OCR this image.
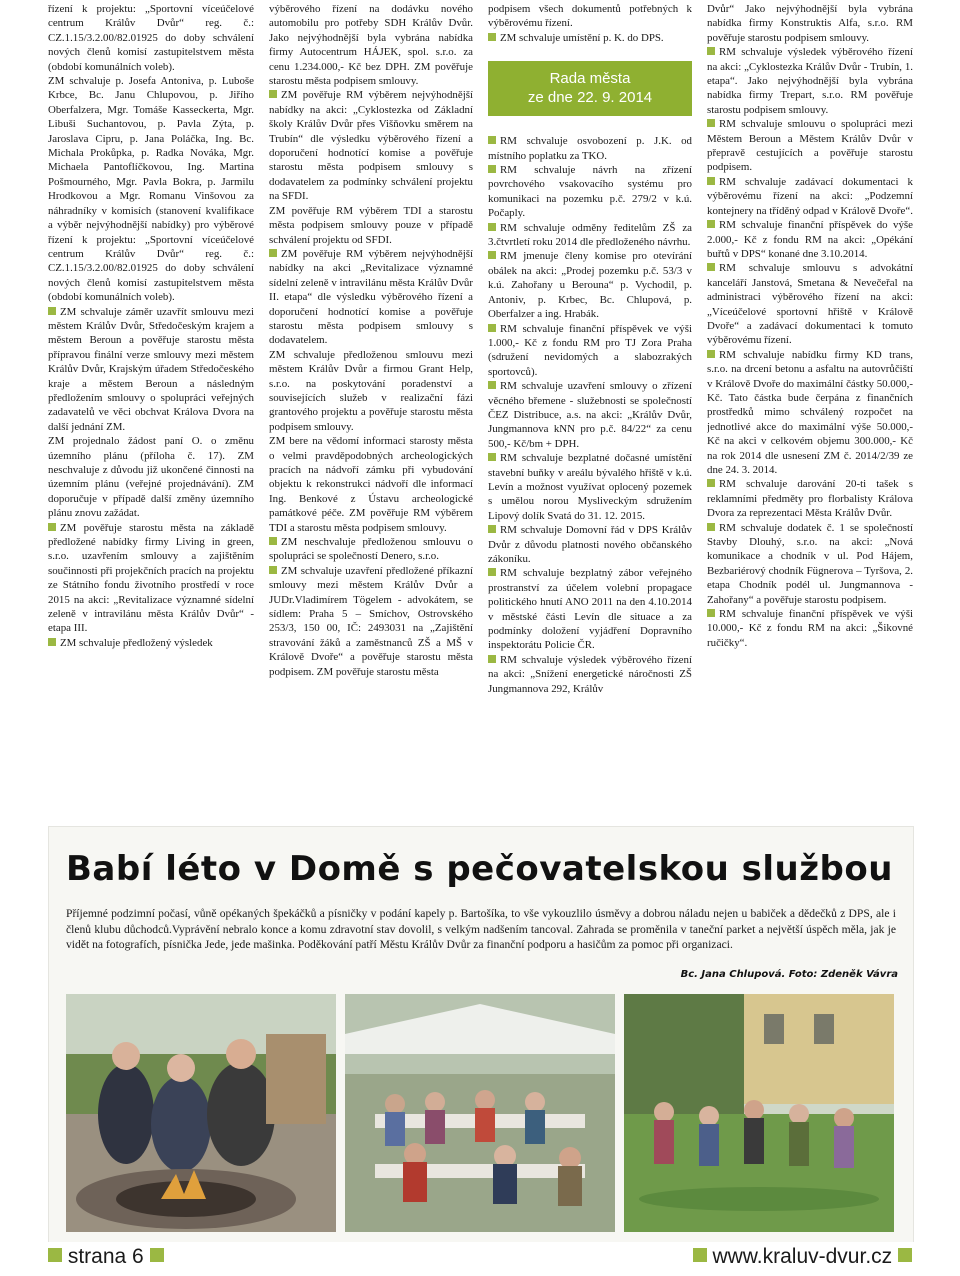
řízení k projektu: „Sportovní víceúčelové centrum Králův Dvůr“ reg. č.: CZ.1.15/3.2.00/82.01925 do doby schválení nových členů komisí zastupitelstvem města (období komunálních voleb).

ZM schvaluje p. Josefa Antoniva, p. Luboše Krbce, Bc. Janu Chlupovou, p. Jiřího Oberfalzera, Mgr. Tomáše Kasseckerta, Mgr. Libuši Suchantovou, p. Pavla Zýta, p. Jaroslava Cipru, p. Jana Poláčka, Ing. Bc. Michala Prokůpka, p. Radka Nováka, Mgr. Michaela Pantoflíčkovou, Ing. Martina Pošmourného, Mgr. Pavla Bokra, p. Jarmilu Hrodkovou a Mgr. Romanu Vinšovou za náhradníky v komisích (stanovení kvalifikace a výběr nejvýhodnější nabídky) pro výběrové řízení k projektu: „Sportovní víceúčelové centrum Králův Dvůr“ reg. č.: CZ.1.15/3.2.00/82.01925 do doby schválení nových členů komisí zastupitelstvem města (období komunálních voleb).

ZM schvaluje záměr uzavřít smlouvu mezi městem Králův Dvůr, Středočeským krajem a městem Beroun a pověřuje starostu města přípravou finální verze smlouvy mezi městem Králův Dvůr, Krajským úřadem Středočeského kraje a městem Beroun a následným předložením smlouvy o spolupráci veřejných zadavatelů ve věci obchvat Králova Dvora na další jednání ZM.

ZM projednalo žádost paní O. o změnu územního plánu (příloha č. 17). ZM neschvaluje z důvodu již ukončené činnosti na územním plánu (veřejné projednávání). ZM doporučuje v případě další změny územního plánu znovu zažádat.

ZM pověřuje starostu města na základě předložené nabídky firmy Living in green, s.r.o. uzavřením smlouvy a zajištěním součinnosti při projekčních pracích na projektu ze Státního fondu životního prostředí v roce 2015 na akci: „Revitalizace významné sídelní zeleně v intravilánu města Králův Dvůr“ - etapa III.

ZM schvaluje předložený výsledek

výběrového řízení na dodávku nového automobilu pro potřeby SDH Králův Dvůr. Jako nejvýhodnější byla vybrána nabídka firmy Autocentrum HÁJEK, spol. s.r.o. za cenu 1.234.000,- Kč bez DPH. ZM pověřuje starostu města podpisem smlouvy.

ZM pověřuje RM výběrem nejvýhodnější nabídky na akci: „Cyklostezka od Základní školy Králův Dvůr přes Višňovku směrem na Trubín“ dle výsledku výběrového řízení a doporučení hodnotící komise a pověřuje starostu města podpisem smlouvy s dodavatelem za podmínky schválení projektu na SFDI.

ZM pověřuje RM výběrem TDI a starostu města podpisem smlouvy pouze v případě schválení projektu od SFDI.

ZM pověřuje RM výběrem nejvýhodnější nabídky na akci „Revitalizace významné sídelní zeleně v intravilánu města Králův Dvůr II. etapa“ dle výsledku výběrového řízení a doporučení hodnotící komise a pověřuje starostu města podpisem smlouvy s dodavatelem.

ZM schvaluje předloženou smlouvu mezi městem Králův Dvůr a firmou Grant Help, s.r.o. na poskytování poradenství a souvisejících služeb v realizační fázi grantového projektu a pověřuje starostu města podpisem smlouvy.

ZM bere na vědomí informaci starosty města o velmi pravděpodobných archeologických pracích na nádvoří zámku při vybudování objektu k rekonstrukci nádvoří dle informací Ing. Benkové z Ústavu archeologické památkové péče. ZM pověřuje RM výběrem TDI a starostu města podpisem smlouvy.

ZM neschvaluje předloženou smlouvu o spolupráci se společností Denero, s.r.o.

ZM schvaluje uzavření předložené příkazní smlouvy mezi městem Králův Dvůr a JUDr.Vladimírem Tögelem - advokátem, se sídlem: Praha 5 – Smíchov, Ostrovského 253/3, 150 00, IČ: 2493031 na „Zajištění stravování žáků a zaměstnanců ZŠ a MŠ v Králově Dvoře“ a pověřuje starostu města podpisem. ZM pověřuje starostu města

podpisem všech dokumentů potřebných k výběrovému řízení.

ZM schvaluje umístění p. K. do DPS.

Rada města
ze dne 22. 9. 2014

RM schvaluje osvobození p. J.K. od místního poplatku za TKO.

RM schvaluje návrh na zřízení povrchového vsakovacího systému pro komunikaci na pozemku p.č. 279/2 v k.ú. Počaply.

RM schvaluje odměny ředitelům ZŠ za 3.čtvrtletí roku 2014 dle předloženého návrhu.

RM jmenuje členy komise pro otevírání obálek na akci: „Prodej pozemku p.č. 53/3 v k.ú. Zahořany u Berouna“ p. Vychodil, p. Antoniv, p. Krbec, Bc. Chlupová, p. Oberfalzer a ing. Hrabák.

RM schvaluje finanční příspěvek ve výši 1.000,- Kč z fondu RM pro TJ Zora Praha (sdružení nevidomých a slabozrakých sportovců).

RM schvaluje uzavření smlouvy o zřízení věcného břemene - služebnosti se společností ČEZ Distribuce, a.s. na akci: „Králův Dvůr, Jungmannova kNN pro p.č. 84/22“ za cenu 500,- Kč/bm + DPH.

RM schvaluje bezplatné dočasné umístění stavební buňky v areálu bývalého hřiště v k.ú. Levín a možnost využívat oplocený pozemek s umělou norou Mysliveckým sdružením Lipový dolík Svatá do 31. 12. 2015.

RM schvaluje Domovní řád v DPS Králův Dvůr z důvodu platnosti nového občanského zákoníku.

RM schvaluje bezplatný zábor veřejného prostranství za účelem volební propagace politického hnutí ANO 2011 na den 4.10.2014 v městské části Levín dle situace a za podmínky doložení vyjádření Dopravního inspektorátu Policie ČR.

RM schvaluje výsledek výběrového řízení na akci: „Snížení energetické náročnosti ZŠ Jungmannova 292, Králův

Dvůr“ Jako nejvýhodnější byla vybrána nabídka firmy Konstruktis Alfa, s.r.o. RM pověřuje starostu podpisem smlouvy.

RM schvaluje výsledek výběrového řízení na akci: „Cyklostezka Králův Dvůr - Trubín, 1. etapa“. Jako nejvýhodnější byla vybrána nabídka firmy Trepart, s.r.o. RM pověřuje starostu podpisem smlouvy.

RM schvaluje smlouvu o spolupráci mezi Městem Beroun a Městem Králův Dvůr v přepravě cestujících a pověřuje starostu podpisem.

RM schvaluje zadávací dokumentaci k výběrovému řízení na akci: „Podzemní kontejnery na tříděný odpad v Králově Dvoře“.

RM schvaluje finanční příspěvek do výše 2.000,- Kč z fondu RM na akci: „Opékání buřtů v DPS“ konané dne 3.10.2014.

RM schvaluje smlouvu s advokátní kanceláří Janstová, Smetana & Nevečeřal na administraci výběrového řízení na akci: „Víceúčelové sportovní hřiště v Králově Dvoře“ a zadávací dokumentaci k tomuto výběrovému řízení.

RM schvaluje nabídku firmy KD trans, s.r.o. na drcení betonu a asfaltu na autovrůčiští v Králově Dvoře do maximální částky 50.000,- Kč. Tato částka bude čerpána z finančních prostředků mimo schválený rozpočet na jednotlivé akce do maximální výše 50.000,- Kč na akci v celkovém objemu 300.000,- Kč na rok 2014 dle usnesení ZM č. 2014/2/39 ze dne 24. 3. 2014.

RM schvaluje darování 20-ti tašek s reklamními předměty pro florbalisty Králova Dvora za reprezentaci Města Králův Dvůr.

RM schvaluje dodatek č. 1 se společností Stavby Dlouhý, s.r.o. na akci: „Nová komunikace a chodník v ul. Pod Hájem, Bezbariérový chodník Fügnerova – Tyršova, 2. etapa Chodník podél ul. Jungmannova - Zahořany“ a pověřuje starostu podpisem.

RM schvaluje finanční příspěvek ve výši 10.000,- Kč z fondu RM na akci: „Šikovné ručičky“.

Babí léto v Domě s pečovatelskou službou
Příjemné podzimní počasí, vůně opékaných špekáčků a písničky v podání kapely p. Bartošíka, to vše vykouzlilo úsměvy a dobrou náladu nejen u babiček a dědečků z DPS, ale i členů klubu důchodců.Vyprávění nebralo konce a komu zdravotní stav dovolil, s velkým nadšením tancoval. Zahrada se proměnila v taneční parket a největší úspěch měla, jak je vidět na fotografích, písnička Jede, jede mašinka. Poděkování patří Městu Králův Dvůr za finanční podporu a hasičům za pomoc při organizaci.
Bc. Jana Chlupová. Foto: Zdeněk Vávra
strana 6	www.kraluv-dvur.cz
